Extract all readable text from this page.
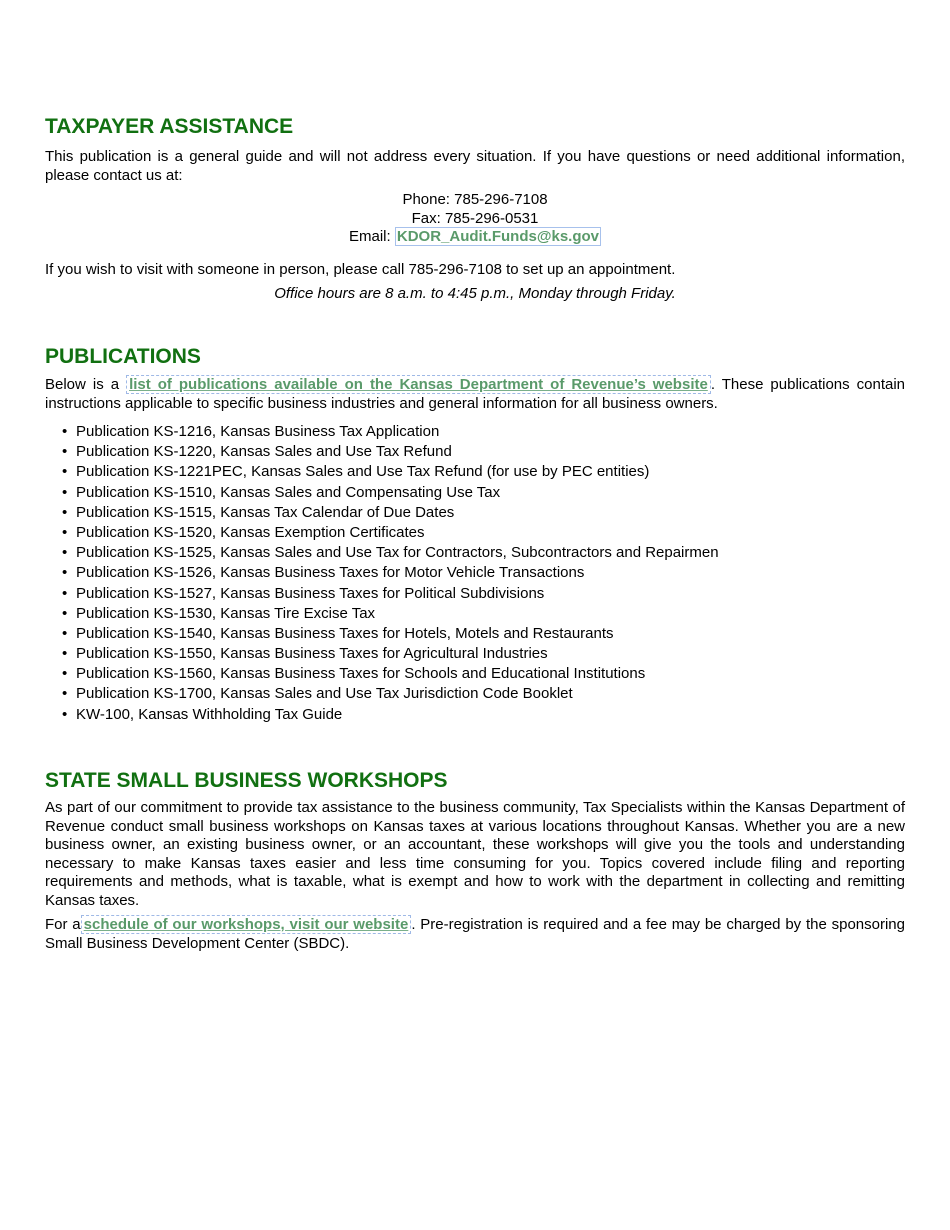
TAXPAYER ASSISTANCE

This publication is a general guide and will not address every situation. If you have questions or need additional information, please contact us at:

Phone: 785-296-7108

Fax: 785-296-0531

Email: KDOR_Audit.Funds@ks.gov

If you wish to visit with someone in person, please call 785-296-7108 to set up an appointment.

Office hours are 8 a.m. to 4:45 p.m., Monday through Friday.

PUBLICATIONS

Below is a list of publications available on the Kansas Department of Revenue’s website . These publications contain instructions applicable to specific business industries and general information for all business owners.

• Publication KS-1216, Kansas Business Tax Application
• Publication KS-1220, Kansas Sales and Use Tax Refund
• Publication KS-1221PEC, Kansas Sales and Use Tax Refund (for use by PEC entities)
• Publication KS-1510, Kansas Sales and Compensating Use Tax
• Publication KS-1515, Kansas Tax Calendar of Due Dates
• Publication KS-1520, Kansas Exemption Certificates
• Publication KS-1525, Kansas Sales and Use Tax for Contractors, Subcontractors and Repairmen
• Publication KS-1526, Kansas Business Taxes for Motor Vehicle Transactions
• Publication KS-1527, Kansas Business Taxes for Political Subdivisions
• Publication KS-1530, Kansas Tire Excise Tax
• Publication KS-1540, Kansas Business Taxes for Hotels, Motels and Restaurants
• Publication KS-1550, Kansas Business Taxes for Agricultural Industries
• Publication KS-1560, Kansas Business Taxes for Schools and Educational Institutions
• Publication KS-1700, Kansas Sales and Use Tax Jurisdiction Code Booklet
• KW-100, Kansas Withholding Tax Guide
STATE SMALL BUSINESS WORKSHOPS

As part of our commitment to provide tax assistance to the business community, Tax Specialists within the Kansas Department of Revenue conduct small business workshops on Kansas taxes at various locations throughout Kansas. Whether you are a new business owner, an existing business owner, or an accountant, these workshops will give you the tools and understanding necessary to make Kansas taxes easier and less time consuming for you. Topics covered include filing and reporting requirements and methods, what is taxable, what is exempt and how to work with the department in collecting and remitting Kansas taxes.

For a schedule of our workshops, visit our website . Pre-registration is required and a fee may be charged by the sponsoring Small Business Development Center (SBDC).
